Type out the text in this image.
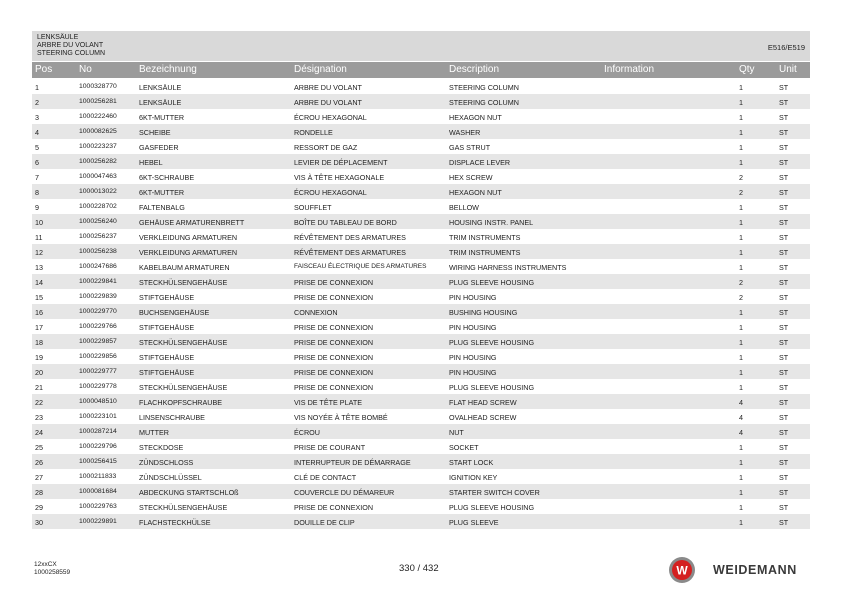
LENKSÄULE
ARBRE DU VOLANT
STEERING COLUMN
E516/E519
Pos	No	Bezeichnung	Désignation	Description	Information	Qty Unit
1	1000328770	LENKSÄULE	ARBRE DU VOLANT	STEERING COLUMN	1	ST
2	1000256281	LENKSÄULE	ARBRE DU VOLANT	STEERING COLUMN	1	ST
3	1000222460	6KT-MUTTER	ÉCROU HEXAGONAL	HEXAGON NUT	1	ST
4	1000082625	SCHEIBE	RONDELLE	WASHER	1	ST
5	1000223237	GASFEDER	RESSORT DE GAZ	GAS STRUT	1	ST
6	1000256282	HEBEL	LEVIER DE DÉPLACEMENT	DISPLACE LEVER	1	ST
7	1000047463	6KT-SCHRAUBE	VIS À TÊTE HEXAGONALE	HEX SCREW	2	ST
8	1000013022	6KT-MUTTER	ÉCROU HEXAGONAL	HEXAGON NUT	2	ST
9	1000228702	FALTENBALG	SOUFFLET	BELLOW	1	ST
10	1000256240	GEHÄUSE ARMATURENBRETT	BOÎTE DU TABLEAU DE BORD	HOUSING INSTR. PANEL	1	ST
11	1000256237	VERKLEIDUNG ARMATUREN	RÉVÊTEMENT DES ARMATURES	TRIM INSTRUMENTS	1	ST
12	1000256238	VERKLEIDUNG ARMATUREN	RÉVÊTEMENT DES ARMATURES	TRIM INSTRUMENTS	1	ST
13	1000247686	KABELBAUM ARMATUREN	FAISCEAU ÉLECTRIQUE DES ARMATURES	WIRING HARNESS INSTRUMENTS	1	ST
14	1000229841	STECKHÜLSENGEHÄUSE	PRISE DE CONNEXION	PLUG SLEEVE HOUSING	2	ST
15	1000229839	STIFTGEHÄUSE	PRISE DE CONNEXION	PIN HOUSING	2	ST
16	1000229770	BUCHSENGEHÄUSE	CONNEXION	BUSHING HOUSING	1	ST
17	1000229766	STIFTGEHÄUSE	PRISE DE CONNEXION	PIN HOUSING	1	ST
18	1000229857	STECKHÜLSENGEHÄUSE	PRISE DE CONNEXION	PLUG SLEEVE HOUSING	1	ST
19	1000229856	STIFTGEHÄUSE	PRISE DE CONNEXION	PIN HOUSING	1	ST
20	1000229777	STIFTGEHÄUSE	PRISE DE CONNEXION	PIN HOUSING	1	ST
21	1000229778	STECKHÜLSENGEHÄUSE	PRISE DE CONNEXION	PLUG SLEEVE HOUSING	1	ST
22	1000048510	FLACHKOPFSCHRAUBE	VIS DE TÊTE PLATE	FLAT HEAD SCREW	4	ST
23	1000223101	LINSENSCHRAUBE	VIS NOYÉE À TÊTE BOMBÉ	OVALHEAD SCREW	4	ST
24	1000287214	MUTTER	ÉCROU	NUT	4	ST
25	1000229796	STECKDOSE	PRISE DE COURANT	SOCKET	1	ST
26	1000256415	ZÜNDSCHLOSS	INTERRUPTEUR DE DÉMARRAGE	START LOCK	1	ST
27	1000211833	ZÜNDSCHLÜSSEL	CLÉ DE CONTACT	IGNITION KEY	1	ST
28	1000081684	ABDECKUNG STARTSCHLOß	COUVERCLE DU DÉMAREUR	STARTER SWITCH COVER	1	ST
29	1000229763	STECKHÜLSENGEHÄUSE	PRISE DE CONNEXION	PLUG SLEEVE HOUSING	1	ST
30	1000229891	FLACHSTECKHÜLSE	DOUILLE DE CLIP	PLUG SLEEVE	1	ST
12xxCX
1000258559	330 / 432	W WEIDEMANN
